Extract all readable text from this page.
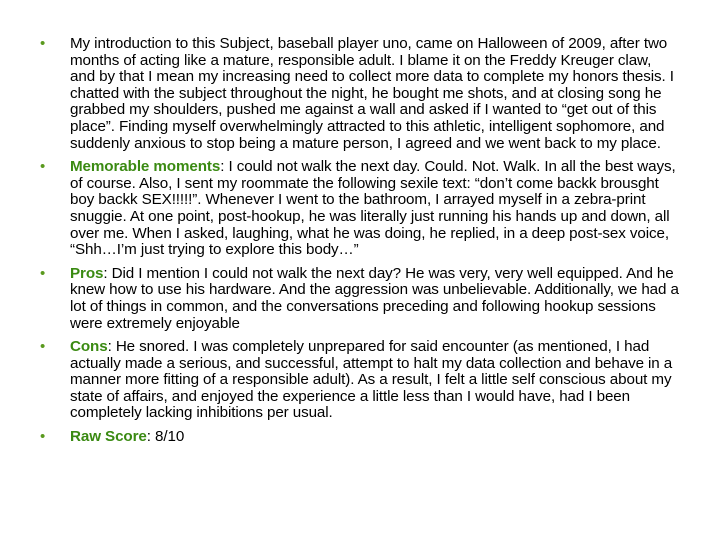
• My introduction to this Subject, baseball player uno, came on Halloween of 2009, after two months of acting like a mature, responsible adult. I blame it on the Freddy Kreuger claw, and by that I mean my increasing need to collect more data to complete my honors thesis. I chatted with the subject throughout the night, he bought me shots, and at closing song he grabbed my shoulders, pushed me against a wall and asked if I wanted to “get out of this place”. Finding myself overwhelmingly attracted to this athletic, intelligent sophomore, and suddenly anxious to stop being a mature person, I agreed and we went back to my place.
• Memorable moments: I could not walk the next day. Could. Not. Walk. In all the best ways, of course. Also, I sent my roommate the following sexile text: “don’t come backk brousght boy backk SEX!!!!!”. Whenever I went to the bathroom, I arrayed myself in a zebra-print snuggie. At one point, post-hookup, he was literally just running his hands up and down, all over me. When I asked, laughing, what he was doing, he replied, in a deep post-sex voice, “Shh…I’m just trying to explore this body…”
• Pros: Did I mention I could not walk the next day? He was very, very well equipped. And he knew how to use his hardware. And the aggression was unbelievable. Additionally, we had a lot of things in common, and the conversations preceding and following hookup sessions were extremely enjoyable
• Cons: He snored. I was completely unprepared for said encounter (as mentioned, I had actually made a serious, and successful, attempt to halt my data collection and behave in a manner more fitting of a responsible adult). As a result, I felt a little self conscious about my state of affairs, and enjoyed the experience a little less than I would have, had I been completely lacking inhibitions per usual.
• Raw Score: 8/10
